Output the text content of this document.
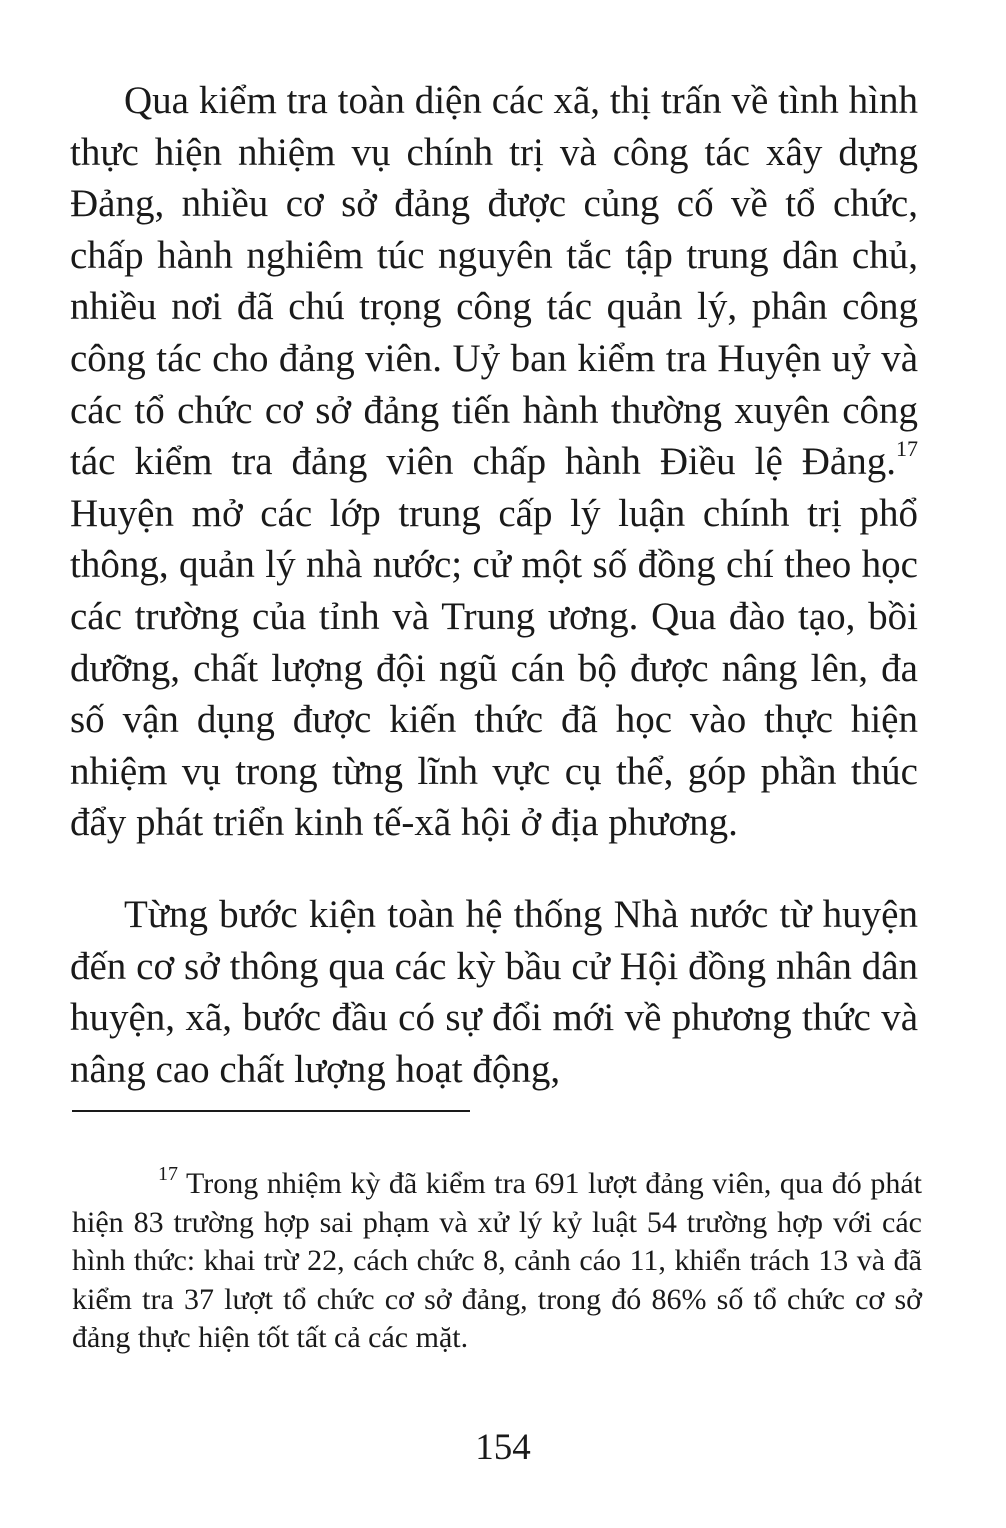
Qua kiểm tra toàn diện các xã, thị trấn về tình hình thực hiện nhiệm vụ chính trị và công tác xây dựng Đảng, nhiều cơ sở đảng được củng cố về tổ chức, chấp hành nghiêm túc nguyên tắc tập trung dân chủ, nhiều nơi đã chú trọng công tác quản lý, phân công công tác cho đảng viên. Uỷ ban kiểm tra Huyện uỷ và các tổ chức cơ sở đảng tiến hành thường xuyên công tác kiểm tra đảng viên chấp hành Điều lệ Đảng.$^{17}$ Huyện mở các lớp trung cấp lý luận chính trị phổ thông, quản lý nhà nước; cử một số đồng chí theo học các trường của tỉnh và Trung ương. Qua đào tạo, bồi dưỡng, chất lượng đội ngũ cán bộ được nâng lên, đa số vận dụng được kiến thức đã học vào thực hiện nhiệm vụ trong từng lĩnh vực cụ thể, góp phần thúc đẩy phát triển kinh tế-xã hội ở địa phương.

Từng bước kiện toàn hệ thống Nhà nước từ huyện đến cơ sở thông qua các kỳ bầu cử Hội đồng nhân dân huyện, xã, bước đầu có sự đổi mới về phương thức và nâng cao chất lượng hoạt động,

$^{17}$ Trong nhiệm kỳ đã kiểm tra 691 lượt đảng viên, qua đó phát hiện 83 trường hợp sai phạm và xử lý kỷ luật 54 trường hợp với các hình thức: khai trừ 22, cách chức 8, cảnh cáo 11, khiển trách 13 và đã kiểm tra 37 lượt tổ chức cơ sở đảng, trong đó 86% số tổ chức cơ sở đảng thực hiện tốt tất cả các mặt.

154
